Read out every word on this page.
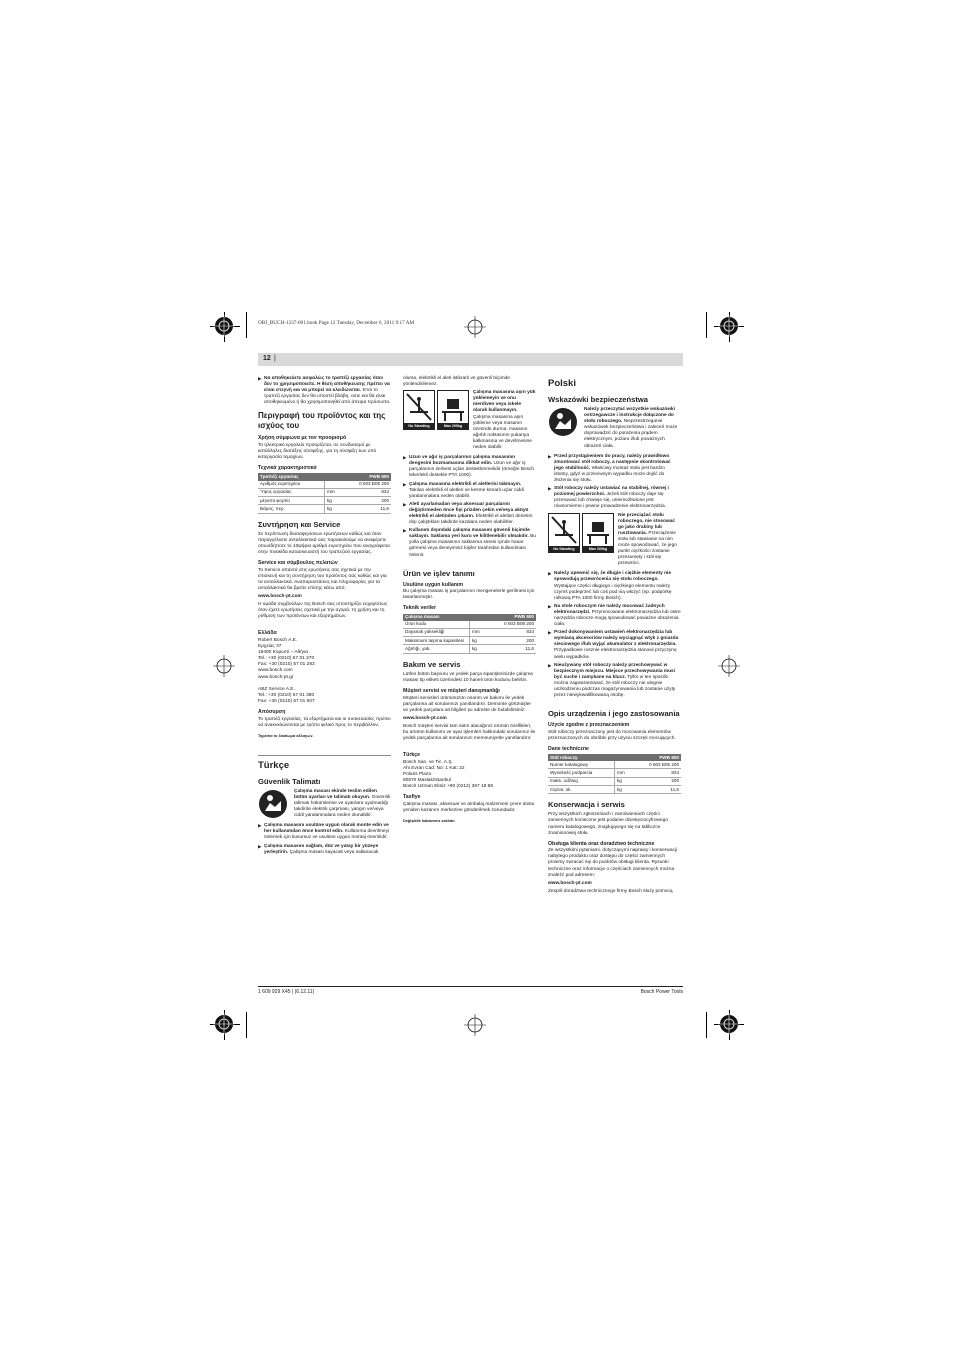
OBJ_BUCH-1337-001.book Page 12 Tuesday, December 6, 2011 9:17 AM
12 |
▶ Να αποθηκεύετε ασφαλώς το τραπέζι εργασίας όταν δεν το χρησιμοποιείτε. Η θέση αποθήκευσης πρέπει να είναι στεγνή και να μπορεί να κλειδώνεται. Έτσι το τραπέζι εργασίας δεν θα υποστεί βλάβη, ούτε και θα είναι αποθηκευμένο ή θα χρησιμοποιηθεί από άπειρα πρόσωπα.
Περιγραφή του προϊόντος και της ισχύος του
Χρήση σύμφωνα με τον προορισμό

Το ηλεκτρικό εργαλείο προορίζεται, σε συνδυασμό με κατάλληλες διατάξεις σύσφιξης, για τη σύσφιξη των υπό κατεργασία τεμαχίων.

Τεχνικά χαρακτηριστικά
Τραπέζι εργασίας		PWB 600
Αριθμός ευρετηρίου		0 603 B05 200
Ύψος εργασίας	mm	834
μέγιστο φορτίο	kg	200
Βάρος, περ.	kg	11,6
Συντήρηση και Service

Σε περίπτωση διασαφηνίσεων ερωτήσεων καθώς και όταν παραγγέλνετε ανταλλακτικά σας παρακαλούμε να αναφέρετε οπωσδήποτε το 10ψήφιο αριθμό ευρετηρίου που αναγράφεται στην πινακίδα κατασκευαστή του τραπεζιού εργασίας.

Service και σύμβουλος πελατών

Το Service απαντά στις ερωτήσεις σας σχετικά με την επισκευή και τη συντήρηση του προϊόντος σας καθώς και για τα ανταλλακτικά. Αναπαραστάσεις και πληροφορίες για τα ανταλλακτικά θα βρείτε επίσης κάτω από:

www.bosch-pt.com

Η ομάδα συμβούλων της Bosch σας υποστηρίζει ευχαρίστως όταν έχετε ερωτήσεις σχετικά με την αγορά, τη χρήση και τη ρύθμιση των προϊόντων και εξαρτημάτων.

Ελλάδα

Robert Bosch A.E.

Ερχείας 37

19400 Κορωπί – Αθήνα

Tel.: +30 (0210) 57 01 270

Fax: +30 (0210) 57 01 283

www.bosch.com

www.bosch-pt.gr

ABZ Service A.E.

Tel.: +30 (0210) 57 01 380

Fax: +30 (0210) 57 01 607

Απόσυρση

Το τραπέζι εργασίας, τα εξαρτήματα και οι συσκευασίες πρέπει να ανακυκλώνονται με τρόπο φιλικό προς το περιβάλλον.

Τηρείται το δικαίωμα αλλαγών.
Türkçe
Güvenlik Talimatı
Çalışma masası ekinde teslim edilen bütün ayarları ve talimatı okuyun. Güvenlik talimatı hükümlerine ve uyarılara uyulmadığı takdirde elektrik çarpması, yangın ve/veya ciddi yaralanmalara neden olunabilir.
▶ Çalışma masasını usulüne uygun olarak monte edin ve her kullanımdan önce kontrol edin. Kullanıma devrilmeyi önlemek için kusursuz ve usulüne uygun montaj önemlidir.
▶ Çalışma masasını sağlam, düz ve yatay bir yüzeye yerleştirin. Çalışma masası kayacak veya sallanacak

olursa, elektrikli el aleti istikrarlı ve güvenli biçimde yönlendirilemez.

No Standing	Max 200kg
Çalışma masasına aşırı yük yüklemeyin ve onu merdiven veya iskele olarak kullanmayın. Çalışma masasına aşırı yükleme veya masanın üzerinde durma, masanın ağırlık noktasının yukarıya kalkmasına ve devrilmesine neden olabilir.
▶ Uzun ve ağır iş parçalarının çalışma masasının dengesini bozmamasına dikkat edin. Uzun ve ağır iş parçalarının serbest uçları desteklenmelidir (örneğin Bosch tekerlekli destekle PTA 1000).
▶ Çalışma masasına elektrikli el aletlerini takmayın. Takılan elektrikli el aletleri ve kesme kenarlı uçlar ciddi yaralanmalara neden olabilir.
▶ Aleti ayarlamadan veya aksesuar parçalarını değiştirmeden önce fişi prizden çekin ve/veya aküyü elektrikli el aletinden çıkarın. Elektrikli el aletleri denetim dışı çalıştıkları takdirde kazalara neden olabilirler.
▶ Kullanım dışındaki çalışma masasını güvenli biçimde saklayın. Saklama yeri kuru ve kilitlenebilir olmalıdır. Bu yolla çalışma masasının saklanma süresi içinde hasar görmesi veya deneyimsiz kişiler tarafından kullanılması önlenir.
Ürün ve işlev tanımı
Usulüne uygun kullanım

Bu çalışma masası iş parçalarının mengenelerle gerilmesi için tasarlanmıştır.

Teknik veriler
Çalışma masası		PWB 600
Ürün kodu		0 603 B05 200
Dayanak yüksekliği	mm	834
Maksimum taşıma kapasitesi	kg	200
Ağırlığı, yak.	kg	11,6
Bakım ve servis

Lütfen bütün başvuru ve yedek parça siparişlerinizde çalışma masası tip etiketi üzerindeki 10 haneli ürün kodunu belirtin.

Müşteri servisi ve müşteri danışmanlığı

Müşteri servisleri ürününüzün onarım ve bakımı ile yedek parçalarına ait sorularınızı yanıtlandırır. Demonte görünüşler ve yedek parçalara ait bilgileri şu adreste de bulabilirsiniz:

www.bosch-pt.com

Bosch müşteri servisi tam satın alacağınız ürünün özellikleri, bu ürünün kullanımı ve ayar işlemleri hakkındaki sorularınız ile yedek parçalarına ait sorularınızı memnuniyetle yanıtlandırır.

Türkçe

Bosch San. ve Tic. A.Ş.

Ahi Evran Cad. No: 1 Kat: 22

Polaris Plaza

80670 Maslak/Istanbul

Bosch Uzman Eksiz +90 (0212) 367 18 88

Tasfiye

Çalışma masası, aksesuar ve ambalaj malzemesi çevre dostu yeniden kazanım merkezine gönderilmek zorundadır.

Değişiklik haklarımız saklıdır.
Polski
Wskazówki bezpieczeństwa
Należy przeczytać wszystkie wskazówki ostrzegawcze i instrukcje dołączone do stołu roboczego. Nieprzestrzeganie wskazówek bezpieczeństwa i zaleceń może doprowadzić do porażenia prądem elektrycznym, pożaru i/lub poważnych obrażeń ciała.
▶ Przed przystąpieniem do pracy, należy prawidłowo zmontować stół roboczy, a następnie skontrolować jego stabilność. Właściwy montaż stołu jest bardzo istotny, gdyż w przeciwnym wypadku może dojść do złożenia się stołu.
▶ Stół roboczy należy ustawiać na stabilnej, równej i poziomej powierzchni. Jeżeli stół roboczy daje się przesuwać lub chwieje się, uniemożliwione jest równomierne i pewne prowadzenie elektronarzędzia.
No Standing	Max 200kg
Nie przeciążać stołu roboczego, nie stosować go jako drabiny lub rusztowania. Przeciążenie stołu lub stawianie na nim może spowodować, że jego punkt ciężkości zostanie przesunięty i stół się przewróci.
▶ Należy upewnić się, że długie i ciężkie elementy nie spowodują przewrócenia się stołu roboczego. Wystające części długiego i ciężkiego elementu należy czymś podeprzeć lub coś pod nią włożyć (np. podpórkę rolkową PTA 1000 firmy Bosch).
▶ Na stole roboczym nie należy mocować żadnych elektronarzędzi. Przymocowane elektronarzędzia lub ostre narzędzia robocze mogą spowodować poważne obrażenia ciała.
▶ Przed dokonywaniem ustawień elektronarzędzia lub wymianą akcesoriów należy wyciągnąć wtyk z gniazda sieciowego i/lub wyjąć akumulator z elektronarzędzia. Przypadkowe rusznie elektronarzędzia stanowi przyczynę wielu wypadków.
▶ Nieużywany stół roboczy należy przechowywać w bezpiecznym miejscu. Miejsce przechowywania musi być suche i zamykane na klucz. Tylko w ten sposób można zagwarantować, że stół roboczy nie ulegnie uszkodzeniu podczas magazynowania lub zostanie użyty przez niewykwalifikowaną osobę.
Opis urządzenia i jego zastosowania
Użycie zgodne z przeznaczeniem

Stół roboczy przeznaczony jest do mocowania elementów przeznaczonych do obróbki przy użyciu szczęk mocujących.

Dane techniczne
Stół roboczy		PWB 600
Numer katalogowy		0 603 B05 200
Wysokość podparcia	mm	834
maks. udźwig	kg	200
Ciężar, ok.	kg	11,6
Konserwacja i serwis

Przy wszystkich zgłoszeniach i zamówieniach części zamiennych konieczne jest podanie dziesięciocyfrowego numeru katalogowego, znajdującego się na tabliczce znamionowej stołu.

Obsługa klienta oraz doradztwo techniczne

Ze wszystkimi pytaniami, dotyczącymi naprawy i konserwacji nabytego produktu oraz dostępu do części zamiennych prosimy zwracać się do punktów obsługi klienta. Rysunki techniczne oraz informacje o częściach zamiennych można znaleźć pod adresem:

www.bosch-pt.com

Zespół doradztwa technicznego firmy Bosch służy pomocą

1 609 929 X45 | (6.12.11)	Bosch Power Tools
